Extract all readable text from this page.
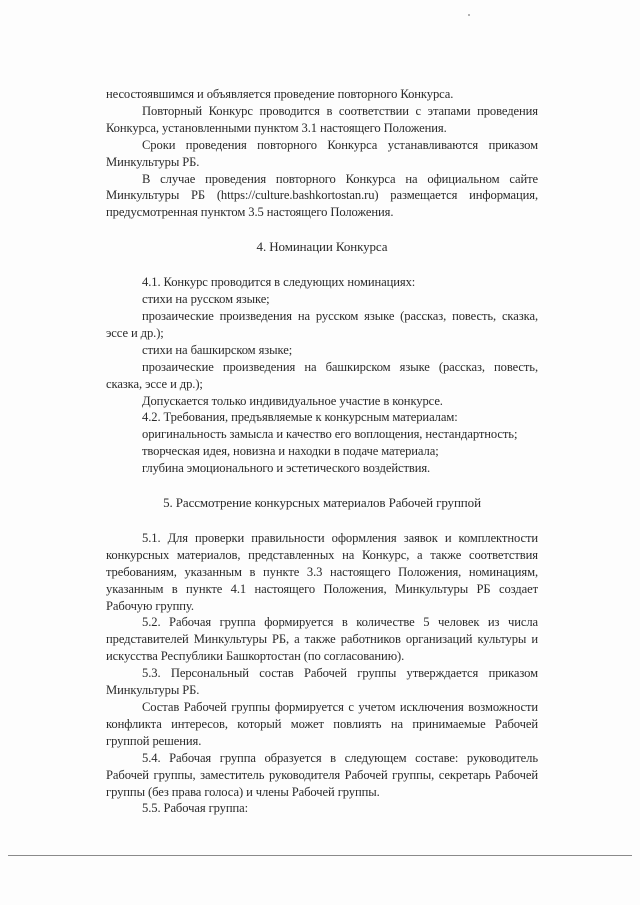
несостоявшимся и объявляется проведение повторного Конкурса.

Повторный Конкурс проводится в соответствии с этапами проведения Конкурса, установленными пунктом 3.1 настоящего Положения.

Сроки проведения повторного Конкурса устанавливаются приказом Минкультуры РБ.

В случае проведения повторного Конкурса на официальном сайте Минкультуры РБ (https://culture.bashkortostan.ru) размещается информация, предусмотренная пунктом 3.5 настоящего Положения.

4. Номинации Конкурса

4.1. Конкурс проводится в следующих номинациях:

стихи на русском языке;

прозаические произведения на русском языке (рассказ, повесть, сказка, эссе и др.);

стихи на башкирском языке;

прозаические произведения на башкирском языке (рассказ, повесть, сказка, эссе и др.);

Допускается только индивидуальное участие в конкурсе.

4.2. Требования, предъявляемые к конкурсным материалам:

оригинальность замысла и качество его воплощения, нестандартность;

творческая идея, новизна и находки в подаче материала;

глубина эмоционального и эстетического воздействия.

5. Рассмотрение конкурсных материалов Рабочей группой

5.1. Для проверки правильности оформления заявок и комплектности конкурсных материалов, представленных на Конкурс, а также соответствия требованиям, указанным в пункте 3.3 настоящего Положения, номинациям, указанным в пункте 4.1 настоящего Положения, Минкультуры РБ создает Рабочую группу.

5.2. Рабочая группа формируется в количестве 5 человек из числа представителей Минкультуры РБ, а также работников организаций культуры и искусства Республики Башкортостан (по согласованию).

5.3. Персональный состав Рабочей группы утверждается приказом Минкультуры РБ.

Состав Рабочей группы формируется с учетом исключения возможности конфликта интересов, который может повлиять на принимаемые Рабочей группой решения.

5.4. Рабочая группа образуется в следующем составе: руководитель Рабочей группы, заместитель руководителя Рабочей группы, секретарь Рабочей группы (без права голоса) и члены Рабочей группы.

5.5. Рабочая группа:
